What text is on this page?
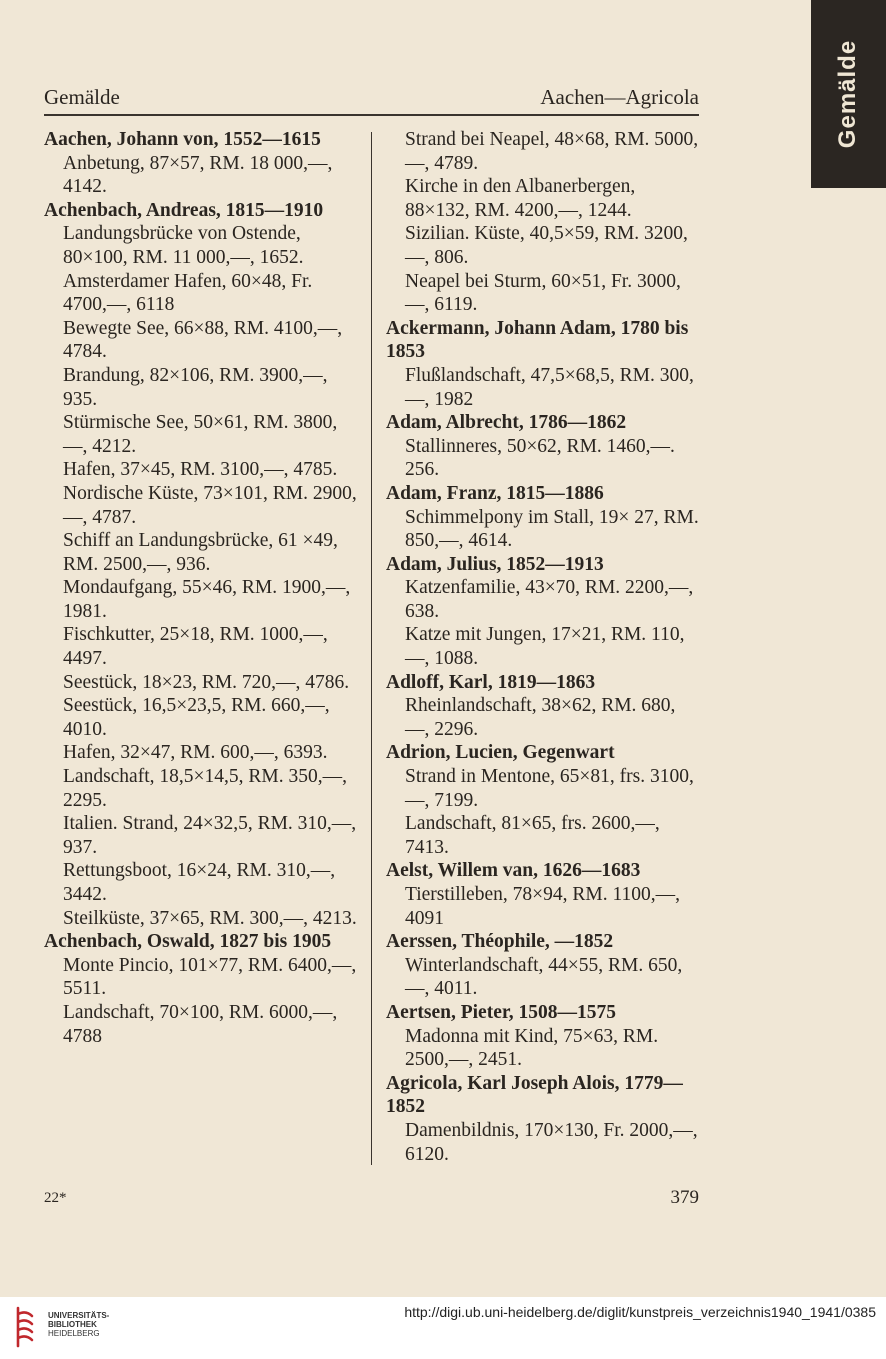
Gemälde
Gemälde	Aachen—Agricola
Aachen, Johann von, 1552—1615
Anbetung, 87×57, RM. 18 000,—, 4142.
Achenbach, Andreas, 1815—1910
Landungsbrücke von Ostende, 80×100, RM. 11 000,—, 1652.
Amsterdamer Hafen, 60×48, Fr. 4700,—, 6118
Bewegte See, 66×88, RM. 4100,—, 4784.
Brandung, 82×106, RM. 3900,—, 935.
Stürmische See, 50×61, RM. 3800,—, 4212.
Hafen, 37×45, RM. 3100,—, 4785.
Nordische Küste, 73×101, RM. 2900,—, 4787.
Schiff an Landungsbrücke, 61 ×49, RM. 2500,—, 936.
Mondaufgang, 55×46, RM. 1900,—, 1981.
Fischkutter, 25×18, RM. 1000,—, 4497.
Seestück, 18×23, RM. 720,—, 4786.
Seestück, 16,5×23,5, RM. 660,—, 4010.
Hafen, 32×47, RM. 600,—, 6393.
Landschaft, 18,5×14,5, RM. 350,—, 2295.
Italien. Strand, 24×32,5, RM. 310,—, 937.
Rettungsboot, 16×24, RM. 310,—, 3442.
Steilküste, 37×65, RM. 300,—, 4213.
Achenbach, Oswald, 1827 bis 1905
Monte Pincio, 101×77, RM. 6400,—, 5511.
Landschaft, 70×100, RM. 6000,—, 4788
Strand bei Neapel, 48×68, RM. 5000,—, 4789.
Kirche in den Albanerbergen, 88×132, RM. 4200,—, 1244.
Sizilian. Küste, 40,5×59, RM. 3200,—, 806.
Neapel bei Sturm, 60×51, Fr. 3000,—, 6119.
Ackermann, Johann Adam, 1780 bis 1853
Flußlandschaft, 47,5×68,5, RM. 300,—, 1982
Adam, Albrecht, 1786—1862
Stallinneres, 50×62, RM. 1460,—. 256.
Adam, Franz, 1815—1886
Schimmelpony im Stall, 19× 27, RM. 850,—, 4614.
Adam, Julius, 1852—1913
Katzenfamilie, 43×70, RM. 2200,—, 638.
Katze mit Jungen, 17×21, RM. 110,—, 1088.
Adloff, Karl, 1819—1863
Rheinlandschaft, 38×62, RM. 680,—, 2296.
Adrion, Lucien, Gegenwart
Strand in Mentone, 65×81, frs. 3100,—, 7199.
Landschaft, 81×65, frs. 2600,—, 7413.
Aelst, Willem van, 1626—1683
Tierstilleben, 78×94, RM. 1100,—, 4091
Aerssen, Théophile, —1852
Winterlandschaft, 44×55, RM. 650,—, 4011.
Aertsen, Pieter, 1508—1575
Madonna mit Kind, 75×63, RM. 2500,—, 2451.
Agricola, Karl Joseph Alois, 1779—1852
Damenbildnis, 170×130, Fr. 2000,—, 6120.
22*	379
UNIVERSITÄTS-
BIBLIOTHEK
HEIDELBERG
http://digi.ub.uni-heidelberg.de/diglit/kunstpreis_verzeichnis1940_1941/0385
